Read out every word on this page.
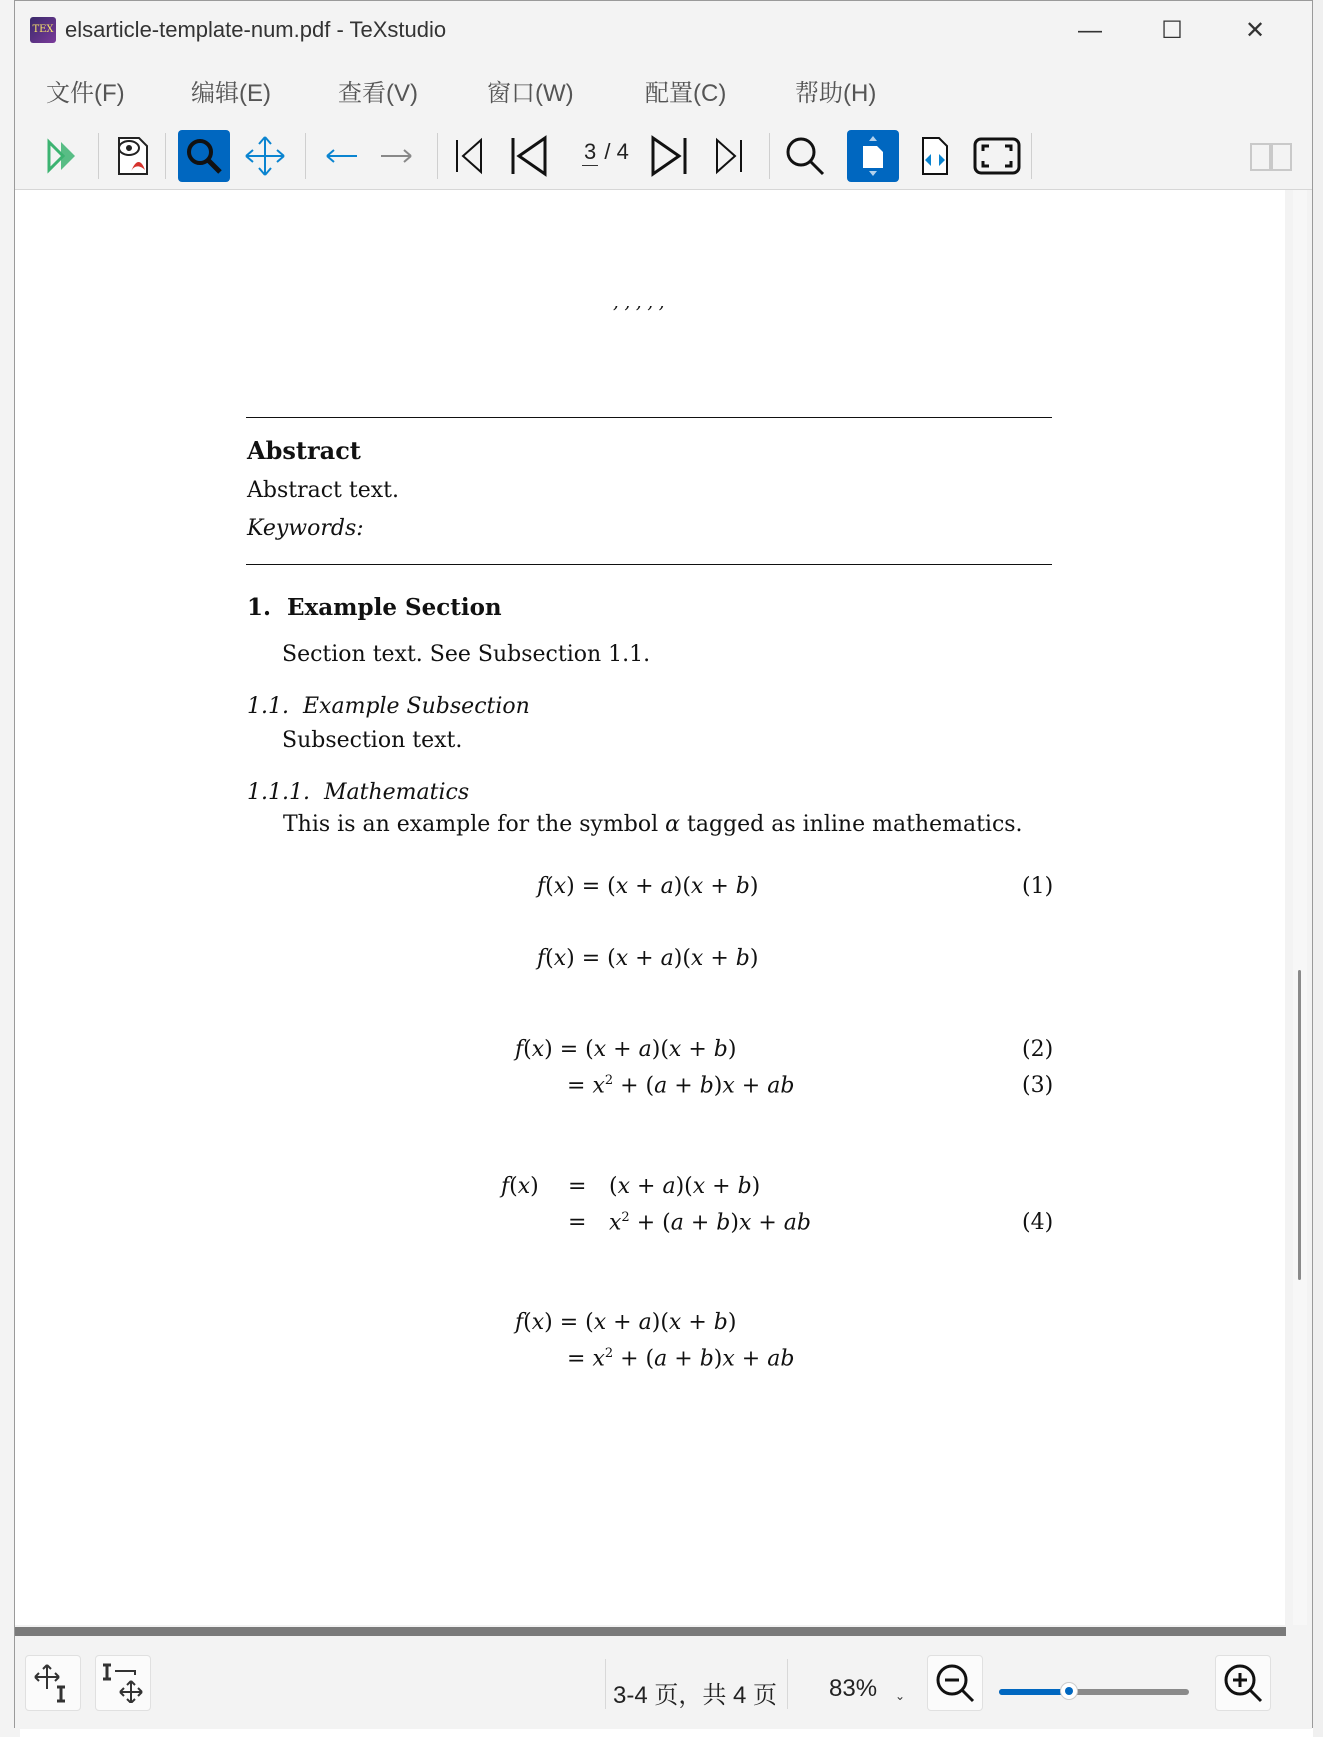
TEX elsarticle-template-num.pdf - TeXstudio	—	☐	✕
文件(F)	编辑(E)	查看(V)	窗口(W)	配置(C)	帮助(H)
3 / 4
, , , , ,
Abstract
Abstract text.
Keywords:
1. Example Section
Section text. See Subsection 1.1.
1.1. Example Subsection
Subsection text.
1.1.1. Mathematics
This is an example for the symbol α tagged as inline mathematics.
f(x) = (x + a)(x + b)	(1)
f(x) = (x + a)(x + b)
f(x) = (x + a)(x + b)	(2)
= $x^2 + (a + b)x$ + ab	(3)
f(x) = (x + a)(x + b)
= $x^2 + (a + b)x$ + ab	(4)
f(x) = (x + a)(x + b)
= $x^2 + (a + b)x$ + ab
3-4 页，共 4 页 83% ⌄
